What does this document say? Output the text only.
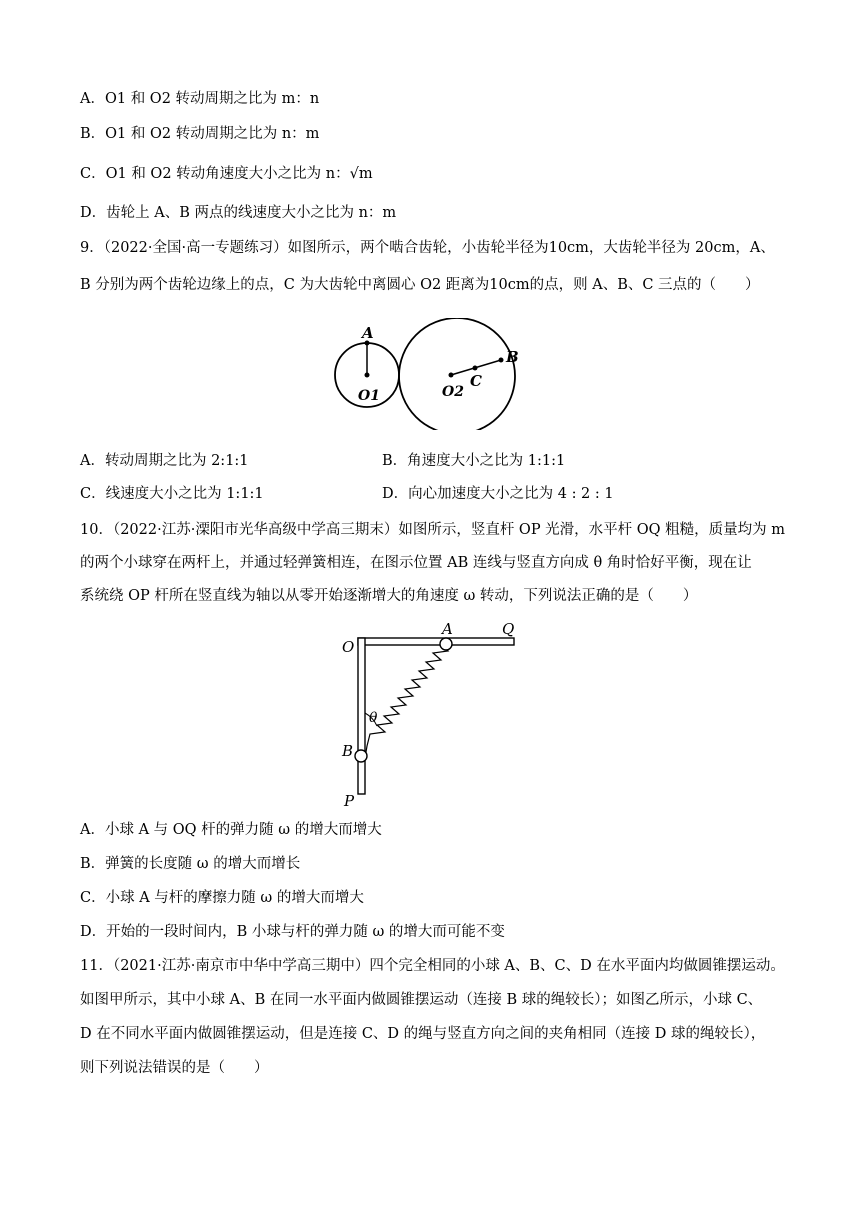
A．O1 和 O2 转动周期之比为 m：n
B．O1 和 O2 转动周期之比为 n：m
C．O1 和 O2 转动角速度大小之比为 n：√m
D．齿轮上 A、B 两点的线速度大小之比为 n：m
9．（2022·全国·高一专题练习）如图所示，两个啮合齿轮，小齿轮半径为10cm，大齿轮半径为 20cm，A、
B 分别为两个齿轮边缘上的点，C 为大齿轮中离圆心 O2 距离为10cm的点，则 A、B、C 三点的（　　）
A
O1	O2
C
B
A．转动周期之比为 2:1:1	B．角速度大小之比为 1:1:1
C．线速度大小之比为 1:1:1	D．向心加速度大小之比为 4 : 2 : 1
10．（2022·江苏·溧阳市光华高级中学高三期末）如图所示，竖直杆 OP 光滑，水平杆 OQ 粗糙，质量均为 m
的两个小球穿在两杆上，并通过轻弹簧相连，在图示位置 AB 连线与竖直方向成 θ 角时恰好平衡，现在让
系统绕 OP 杆所在竖直线为轴以从零开始逐渐增大的角速度 ω 转动，下列说法正确的是（　　）
O
A	Q
θ
B
P
A．小球 A 与 OQ 杆的弹力随 ω 的增大而增大
B．弹簧的长度随 ω 的增大而增长
C．小球 A 与杆的摩擦力随 ω 的增大而增大
D．开始的一段时间内，B 小球与杆的弹力随 ω 的增大而可能不变
11．（2021·江苏·南京市中华中学高三期中）四个完全相同的小球 A、B、C、D 在水平面内均做圆锥摆运动。
如图甲所示，其中小球 A、B 在同一水平面内做圆锥摆运动（连接 B 球的绳较长）；如图乙所示，小球 C、
D 在不同水平面内做圆锥摆运动，但是连接 C、D 的绳与竖直方向之间的夹角相同（连接 D 球的绳较长），
则下列说法错误的是（　　）
